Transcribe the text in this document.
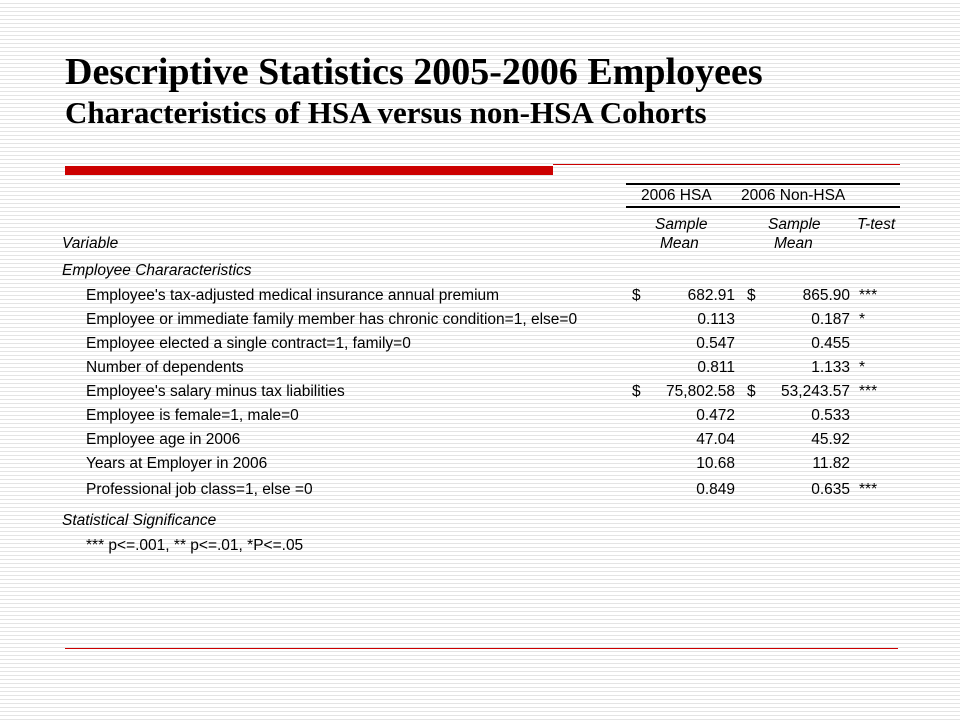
Descriptive Statistics 2005-2006 Employees

Characteristics of HSA versus non-HSA Cohorts

2006 HSA 2006 Non-HSA
Sample	Sample T-test
Variable	Mean	Mean
Employee Chararacteristics
Employee's tax-adjusted medical insurance annual premium	$	682.91 $	865.90 ***
Employee or immediate family member has chronic condition=1, else=0	0.113	0.187 *
Employee elected a single contract=1, family=0	0.547	0.455
Number of dependents	0.811	1.133 *
Employee's salary minus tax liabilities	$	75,802.58 $	53,243.57 ***
Employee is female=1, male=0	0.472	0.533
Employee age in 2006	47.04	45.92
Years at Employer in 2006	10.68	11.82
Professional job class=1, else =0	0.849	0.635 ***
Statistical Significance
*** p<=.001, ** p<=.01, *P<=.05
